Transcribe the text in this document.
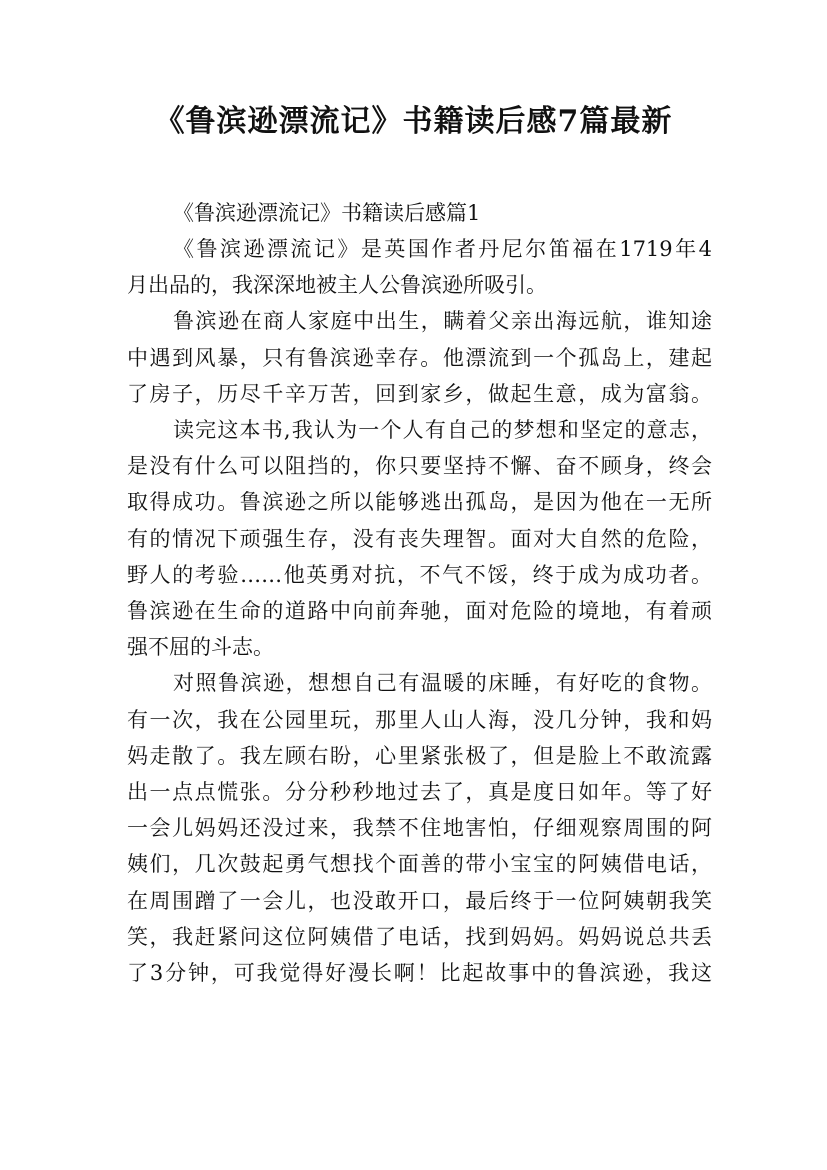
《鲁滨逊漂流记》书籍读后感7篇最新

《鲁滨逊漂流记》书籍读后感篇1

《鲁滨逊漂流记》是英国作者丹尼尔笛福在1719年4

月出品的，我深深地被主人公鲁滨逊所吸引。

鲁滨逊在商人家庭中出生，瞒着父亲出海远航，谁知途

中遇到风暴，只有鲁滨逊幸存。他漂流到一个孤岛上，建起

了房子，历尽千辛万苦，回到家乡，做起生意，成为富翁。

读完这本书,我认为一个人有自己的梦想和坚定的意志，

是没有什么可以阻挡的，你只要坚持不懈、奋不顾身，终会

取得成功。鲁滨逊之所以能够逃出孤岛，是因为他在一无所

有的情况下顽强生存，没有丧失理智。面对大自然的危险，

野人的考验……他英勇对抗，不气不馁，终于成为成功者。

鲁滨逊在生命的道路中向前奔驰，面对危险的境地，有着顽

强不屈的斗志。

对照鲁滨逊，想想自己有温暖的床睡，有好吃的食物。

有一次，我在公园里玩，那里人山人海，没几分钟，我和妈

妈走散了。我左顾右盼，心里紧张极了，但是脸上不敢流露

出一点点慌张。分分秒秒地过去了，真是度日如年。等了好

一会儿妈妈还没过来，我禁不住地害怕，仔细观察周围的阿

姨们，几次鼓起勇气想找个面善的带小宝宝的阿姨借电话，

在周围蹭了一会儿，也没敢开口，最后终于一位阿姨朝我笑

笑，我赶紧问这位阿姨借了电话，找到妈妈。妈妈说总共丢

了3分钟，可我觉得好漫长啊！比起故事中的鲁滨逊，我这
